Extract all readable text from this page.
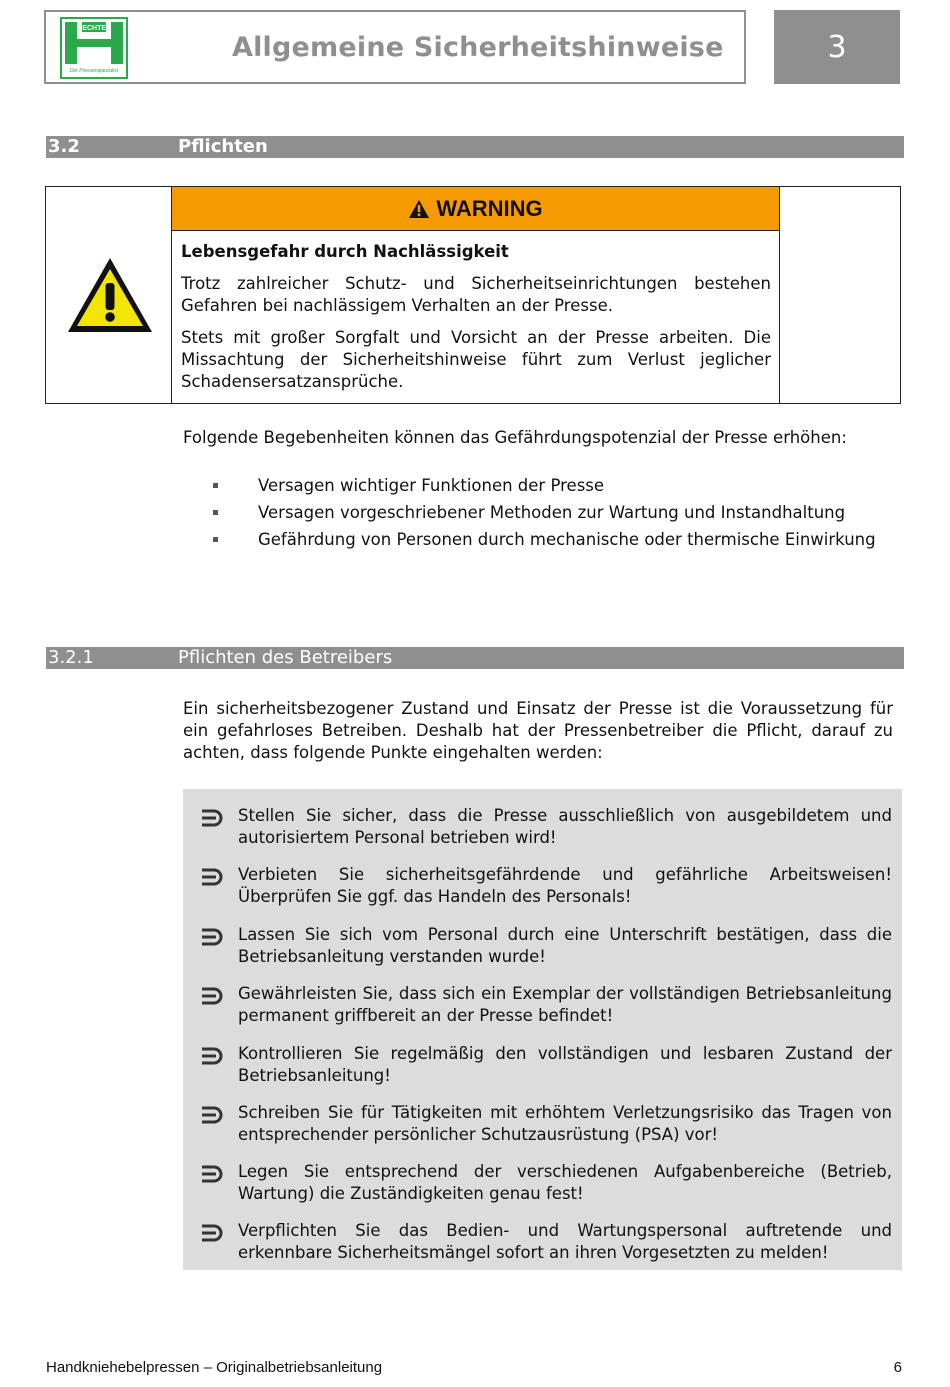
GECHTER
Der Pressenspezialist
Allgemeine Sicherheitshinweise	3
3.2	Pflichten
WARNING

Lebensgefahr durch Nachlässigkeit

Trotz zahlreicher Schutz- und Sicherheitseinrichtungen bestehen Gefahren bei nachlässigem Verhalten an der Presse.

Stets mit großer Sorgfalt und Vorsicht an der Presse arbeiten. Die Missachtung der Sicherheitshinweise führt zum Verlust jeglicher Schadensersatzansprüche.

Folgende Begebenheiten können das Gefährdungspotenzial der Presse erhöhen:
Versagen wichtiger Funktionen der Presse
Versagen vorgeschriebener Methoden zur Wartung und Instandhaltung
Gefährdung von Personen durch mechanische oder thermische Einwirkung
3.2.1	Pflichten des Betreibers
Ein sicherheitsbezogener Zustand und Einsatz der Presse ist die Voraussetzung für ein gefahrloses Betreiben. Deshalb hat der Pressenbetreiber die Pflicht, darauf zu achten, dass folgende Punkte eingehalten werden:
Stellen Sie sicher, dass die Presse ausschließlich von ausgebildetem und autorisiertem Personal betrieben wird!
Verbieten Sie sicherheitsgefährdende und gefährliche Arbeitsweisen! Überprüfen Sie ggf. das Handeln des Personals!
Lassen Sie sich vom Personal durch eine Unterschrift bestätigen, dass die Betriebsanleitung verstanden wurde!
Gewährleisten Sie, dass sich ein Exemplar der vollständigen Betriebsanleitung permanent griffbereit an der Presse befindet!
Kontrollieren Sie regelmäßig den vollständigen und lesbaren Zustand der Betriebsanleitung!
Schreiben Sie für Tätigkeiten mit erhöhtem Verletzungsrisiko das Tragen von entsprechender persönlicher Schutzausrüstung (PSA) vor!
Legen Sie entsprechend der verschiedenen Aufgabenbereiche (Betrieb, Wartung) die Zuständigkeiten genau fest!
Verpflichten Sie das Bedien- und Wartungspersonal auftretende und erkennbare Sicherheitsmängel sofort an ihren Vorgesetzten zu melden!
Handkniehebelpressen – Originalbetriebsanleitung	6
